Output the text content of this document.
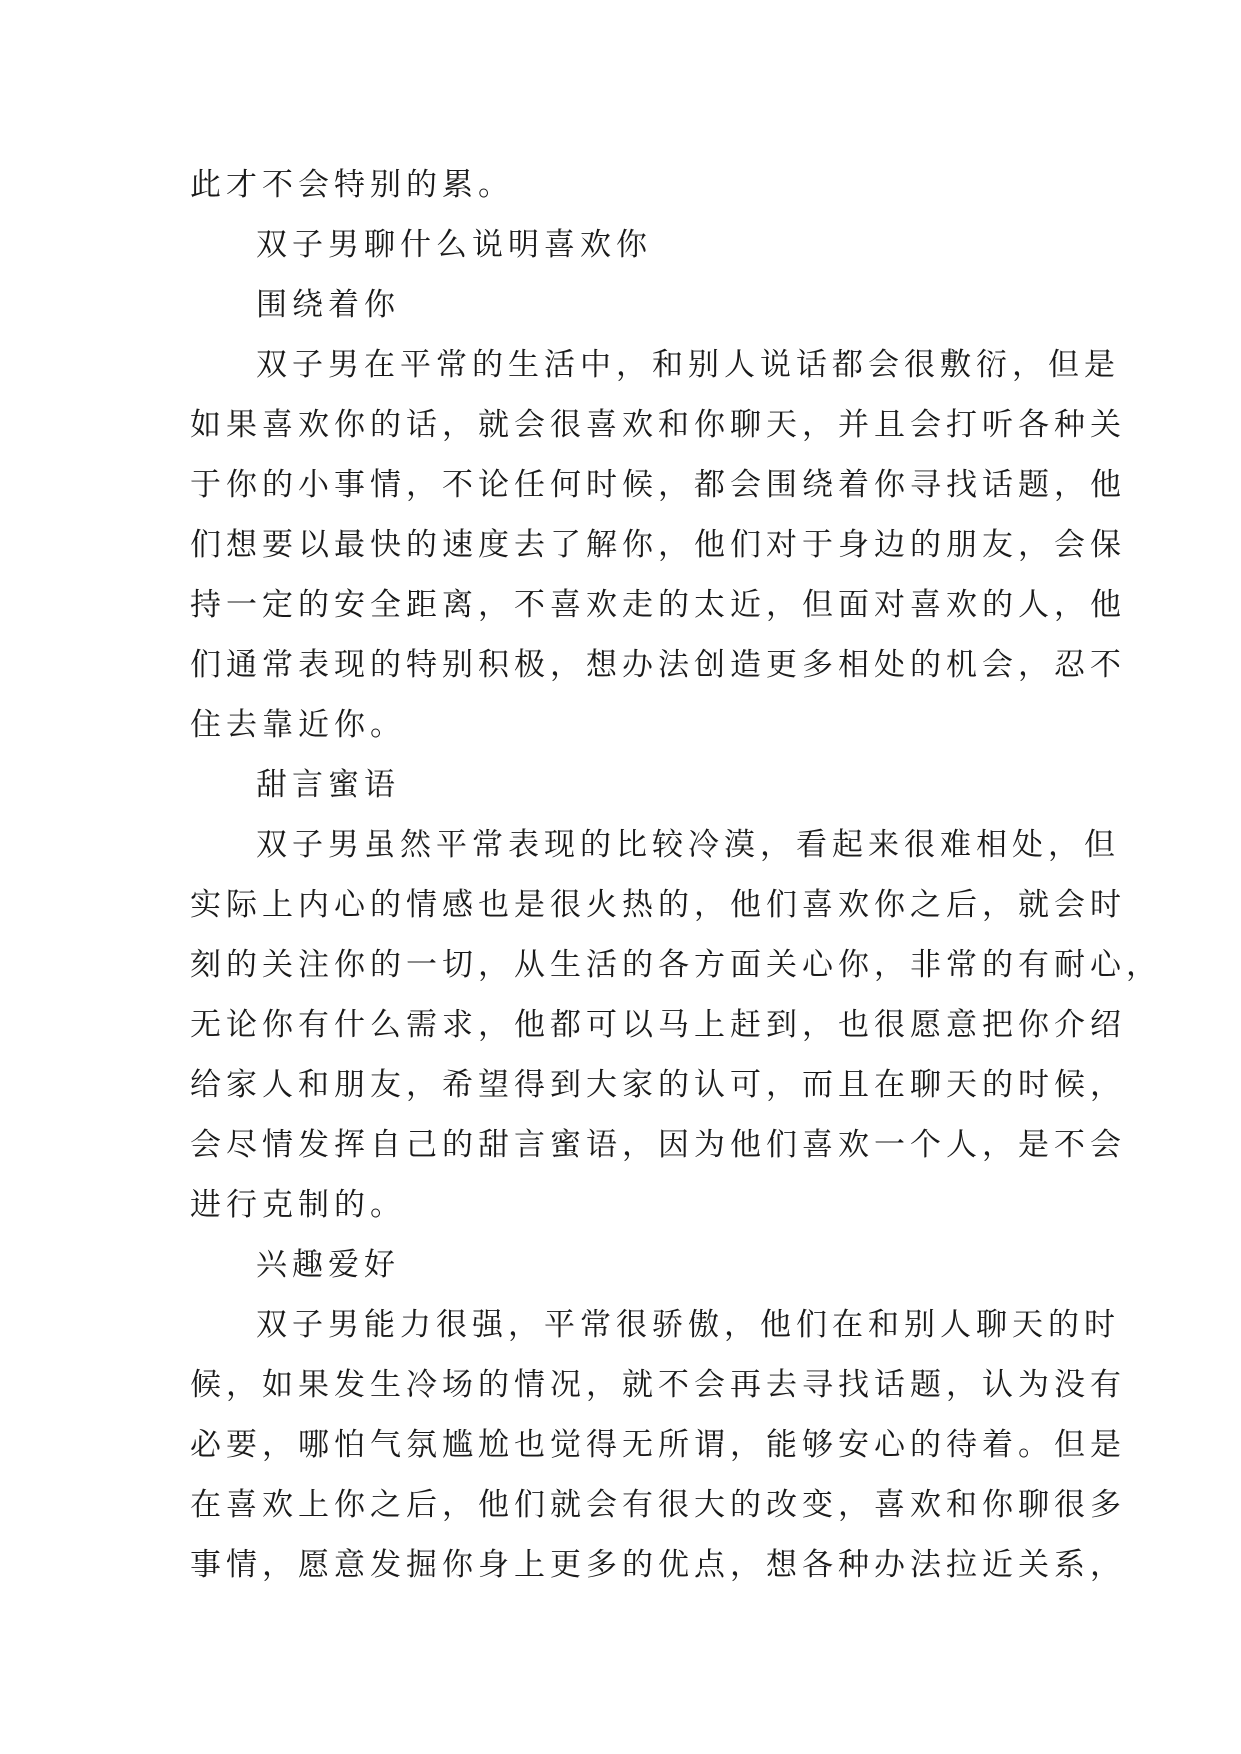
此才不会特别的累。
双子男聊什么说明喜欢你
围绕着你
双子男在平常的生活中，和别人说话都会很敷衍，但是
如果喜欢你的话，就会很喜欢和你聊天，并且会打听各种关
于你的小事情，不论任何时候，都会围绕着你寻找话题，他
们想要以最快的速度去了解你，他们对于身边的朋友，会保
持一定的安全距离，不喜欢走的太近，但面对喜欢的人，他
们通常表现的特别积极，想办法创造更多相处的机会，忍不
住去靠近你。
甜言蜜语
双子男虽然平常表现的比较冷漠，看起来很难相处，但
实际上内心的情感也是很火热的，他们喜欢你之后，就会时
刻的关注你的一切，从生活的各方面关心你，非常的有耐心，
无论你有什么需求，他都可以马上赶到，也很愿意把你介绍
给家人和朋友，希望得到大家的认可，而且在聊天的时候，
会尽情发挥自己的甜言蜜语，因为他们喜欢一个人，是不会
进行克制的。
兴趣爱好
双子男能力很强，平常很骄傲，他们在和别人聊天的时
候，如果发生冷场的情况，就不会再去寻找话题，认为没有
必要，哪怕气氛尴尬也觉得无所谓，能够安心的待着。但是
在喜欢上你之后，他们就会有很大的改变，喜欢和你聊很多
事情，愿意发掘你身上更多的优点，想各种办法拉近关系，
